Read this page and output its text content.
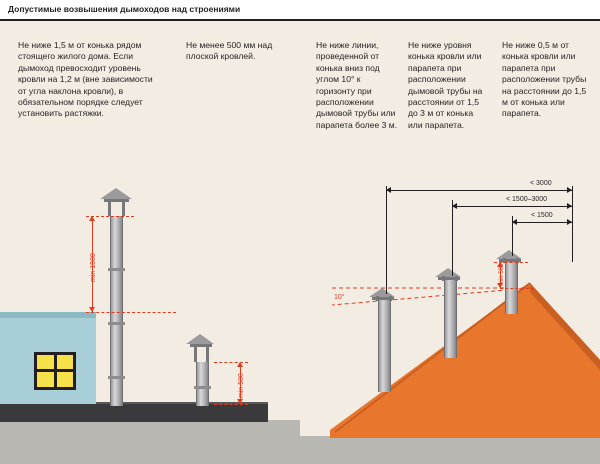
Допустимые возвышения дымоходов над строениями

Не ниже 1,5 м от конька рядом стоящего жилого дома. Если дымоход превосходит уровень кровли на 1,2 м (вне зависимости от угла наклона кровли), в обязательном порядке следует установить растяжки.

Не менее 500 мм над плоской кровлей.

Не ниже линии, проведенной от конька вниз под углом 10° к горизонту при расположении дымовой трубы или парапета более 3 м.

Не ниже уровня конька кровли или парапета при расположении дымовой трубы на расстоянии от 1,5 до 3 м от конька или парапета.

Не ниже 0,5 м от конька кровли или парапета при расположении трубы на расстоянии до 1,5 м от конька или парапета.

min 1500
min 500
< 3000
< 1500–3000
< 1500
min 500
10°
